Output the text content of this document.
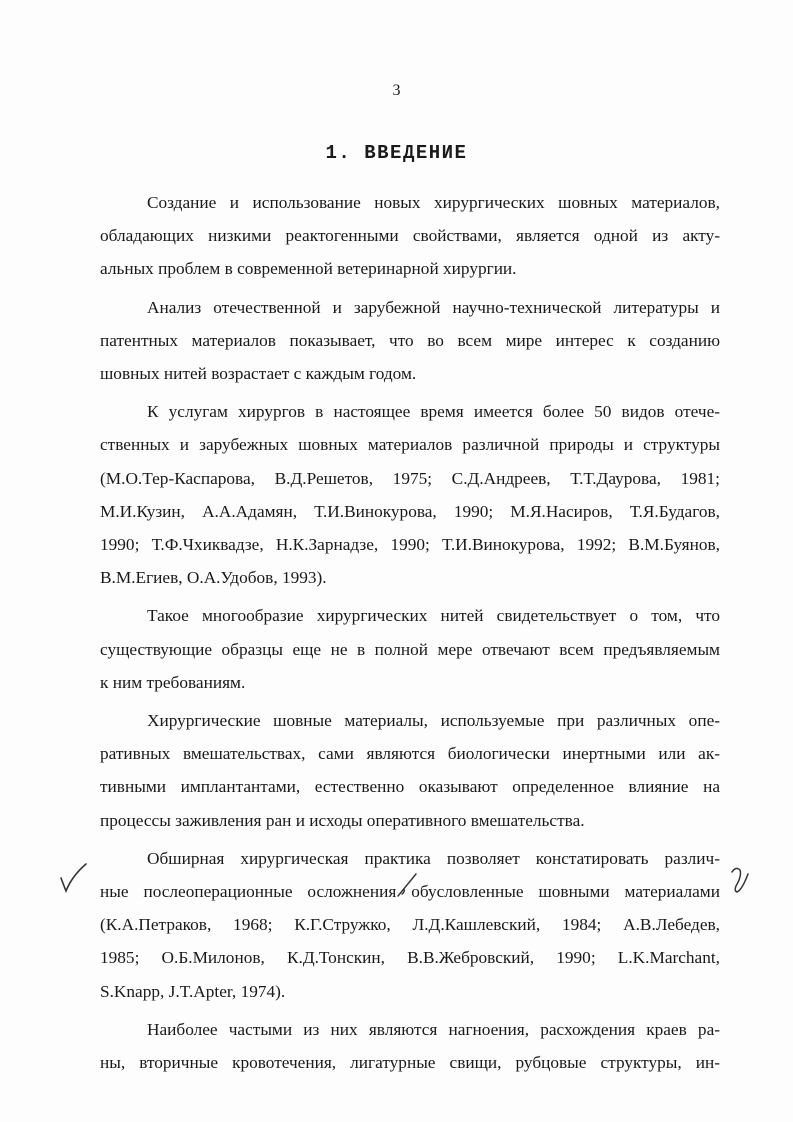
3
1. ВВЕДЕНИЕ

Создание и использование новых хирургических шовных материалов,
обладающих низкими реактогенными свойствами, является одной из акту-
альных проблем в современной ветеринарной хирургии.

Анализ отечественной и зарубежной научно-технической литературы и
патентных материалов показывает, что во всем мире интерес к созданию
шовных нитей возрастает с каждым годом.

К услугам хирургов в настоящее время имеется более 50 видов отече-
ственных и зарубежных шовных материалов различной природы и структуры
(М.О.Тер-Каспарова, В.Д.Решетов, 1975; С.Д.Андреев, Т.Т.Даурова, 1981;
М.И.Кузин, А.А.Адамян, Т.И.Винокурова, 1990; М.Я.Насиров, Т.Я.Будагов,
1990; Т.Ф.Чхиквадзе, Н.К.Зарнадзе, 1990; Т.И.Винокурова, 1992; В.М.Буянов,
В.М.Егиев, О.А.Удобов, 1993).

Такое многообразие хирургических нитей свидетельствует о том, что
существующие образцы еще не в полной мере отвечают всем предъявляемым
к ним требованиям.

Хирургические шовные материалы, используемые при различных опе-
ративных вмешательствах, сами являются биологически инертными или ак-
тивными имплантантами, естественно оказывают определенное влияние на
процессы заживления ран и исходы оперативного вмешательства.

Обширная хирургическая практика позволяет констатировать различ-
ные послеоперационные осложнения обусловленные шовными материалами
(К.А.Петраков, 1968; К.Г.Стружко, Л.Д.Кашлевский, 1984; А.В.Лебедев,
1985; О.Б.Милонов, К.Д.Тонскин, В.В.Жебровский, 1990; L.K.Marchant,
S.Knapp, J.T.Apter, 1974).

Наиболее частыми из них являются нагноения, расхождения краев ра-
ны, вторичные кровотечения, лигатурные свищи, рубцовые структуры, ин-
